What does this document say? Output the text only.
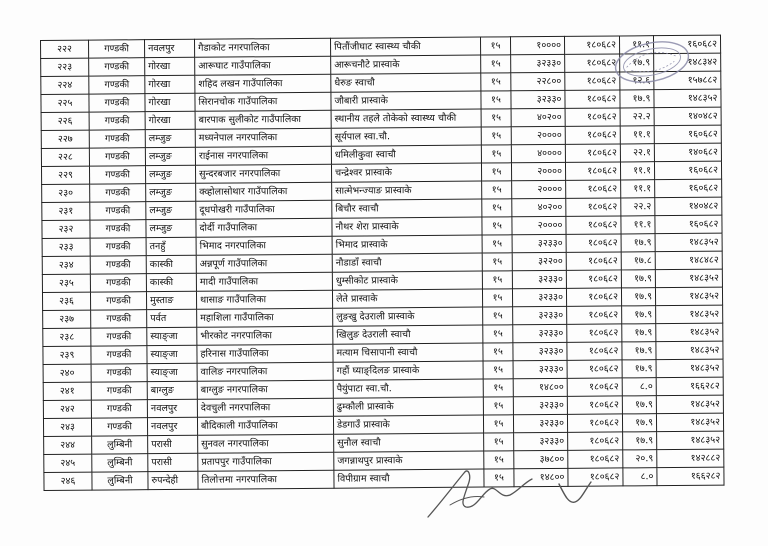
२२२	गण्डकी	नवलपुर	गैडाकोट नगरपालिका	पितौंजीघाट स्वास्थ्य चौकी	१५	१००००	१८०६८२	११.१	१६०६८२
२२३	गण्डकी	गोरखा	आरूघाट गाउँपालिका	आरूचनौटे प्रास्वाके	१५	३२३३०	१८०६८२	१७.९	१४८३४२
२२४	गण्डकी	गोरखा	शहिद लखन गाउँपालिका	धैरुङ स्वाचौ	१५	२२८००	१८०६८२	१२.६	१५७८८२
२२५	गण्डकी	गोरखा	सिरानचोक गाउँपालिका	जौबारी प्रास्वाके	१५	३२३३०	१८०६८२	१७.९	१४८३५२
२२६	गण्डकी	गोरखा	बारपाक सुलीकोट गाउँपालिका	स्थानीय तहले तोकेको स्वास्थ्य चौकी	१५	४०२००	१८०६८२	२२.२	१४०४८२
२२७	गण्डकी	लम्जुङ	मध्यनेपाल नगरपालिका	सूर्यपाल स्वा.चौ.	१५	२००००	१८०६८२	११.१	१६०६८२
२२८	गण्डकी	लम्जुङ	राईनास नगरपालिका	धमिलीकुवा स्वाचौ	१५	४००००	१८०६८२	२२.१	१४०६८२
२२९	गण्डकी	लम्जुङ	सुन्दरबजार नगरपालिका	चन्द्रेश्वर प्रास्वाके	१५	२००००	१८०६८२	११.१	१६०६८२
२३०	गण्डकी	लम्जुङ	क्व्होलासोथार गाउँपालिका	सात्मेभन्ज्याङ प्रास्वाके	१५	२००००	१८०६८२	११.१	१६०६८२
२३१	गण्डकी	लम्जुङ	दूधपोखरी गाउँपालिका	बिचौर स्वाचौ	१५	४०२००	१८०६८२	२२.२	१४०४८२
२३२	गण्डकी	लम्जुङ	दोर्दी गाउँपालिका	नौथर शेरा प्रास्वाके	१५	२००००	१८०६८२	११.१	१६०६८२
२३३	गण्डकी	तनहुँ	भिमाद नगरपालिका	भिमाद प्रास्वाके	१५	३२३३०	१८०६८२	१७.९	१४८३५२
२३४	गण्डकी	कास्की	अन्नपूर्ण गाउँपालिका	नौडाडाँ स्वाचौ	१५	३२२००	१८०६८२	१७.८	१४८४८२
२३५	गण्डकी	कास्की	मादी गाउँपालिका	धुम्सीकोट प्रास्वाके	१५	३२३३०	१८०६८२	१७.९	१४८३५२
२३६	गण्डकी	मुस्ताङ	थासाङ गाउँपालिका	लेते प्रास्वाके	१५	३२३३०	१८०६८२	१७.९	१४८३५२
२३७	गण्डकी	पर्वत	महाशिला गाउँपालिका	लुङखु देउराली प्रास्वाके	१५	३२३३०	१८०६८२	१७.९	१४८३५२
२३८	गण्डकी	स्याङ्जा	भीरकोट नगरपालिका	खिलुङ देउराली स्वाचौ	१५	३२३३०	१८०६८२	१७.९	१४८३५२
२३९	गण्डकी	स्याङ्जा	हरिनास गाउँपालिका	मत्याम चिसापानी स्वाचौ	१५	३२३३०	१८०६८२	१७.९	१४८३५२
२४०	गण्डकी	स्याङ्जा	वालिङ नगरपालिका	गहौं घ्याङ्दिलङ प्रास्वाके	१५	३२३३०	१८०६८२	१७.९	१४८३५२
२४१	गण्डकी	बाग्लुङ	बाग्लुङ नगरपालिका	पैयुंपाटा स्वा.चौ.	१५	१४८००	१८०६८२	८.०	१६६२८२
२४२	गण्डकी	नवलपुर	देवचुली नगरपालिका	ढुम्कौली प्रास्वाके	१५	३२३३०	१८०६८२	१७.९	१४८३५२
२४३	गण्डकी	नवलपुर	बौदिकाली गाउँपालिका	डेडगाउँ प्रास्वाके	१५	३२३३०	१८०६८२	१७.९	१४८३५२
२४४	लुम्बिनी	परासी	सुनवल नगरपालिका	सुनौल स्वाचौ	१५	३२३३०	१८०६८२	१७.९	१४८३५२
२४५	लुम्बिनी	परासी	प्रतापपुर गाउँपालिका	जगन्नाथपुर प्रास्वाके	१५	३७८००	१८०६८२	२०.९	१४२८८२
२४६	लुम्बिनी	रुपन्देही	तिलोत्तमा नगरपालिका	विपीग्राम स्वाचौ	१५	१४८००	१८०६८२	८.०	१६६२८२
